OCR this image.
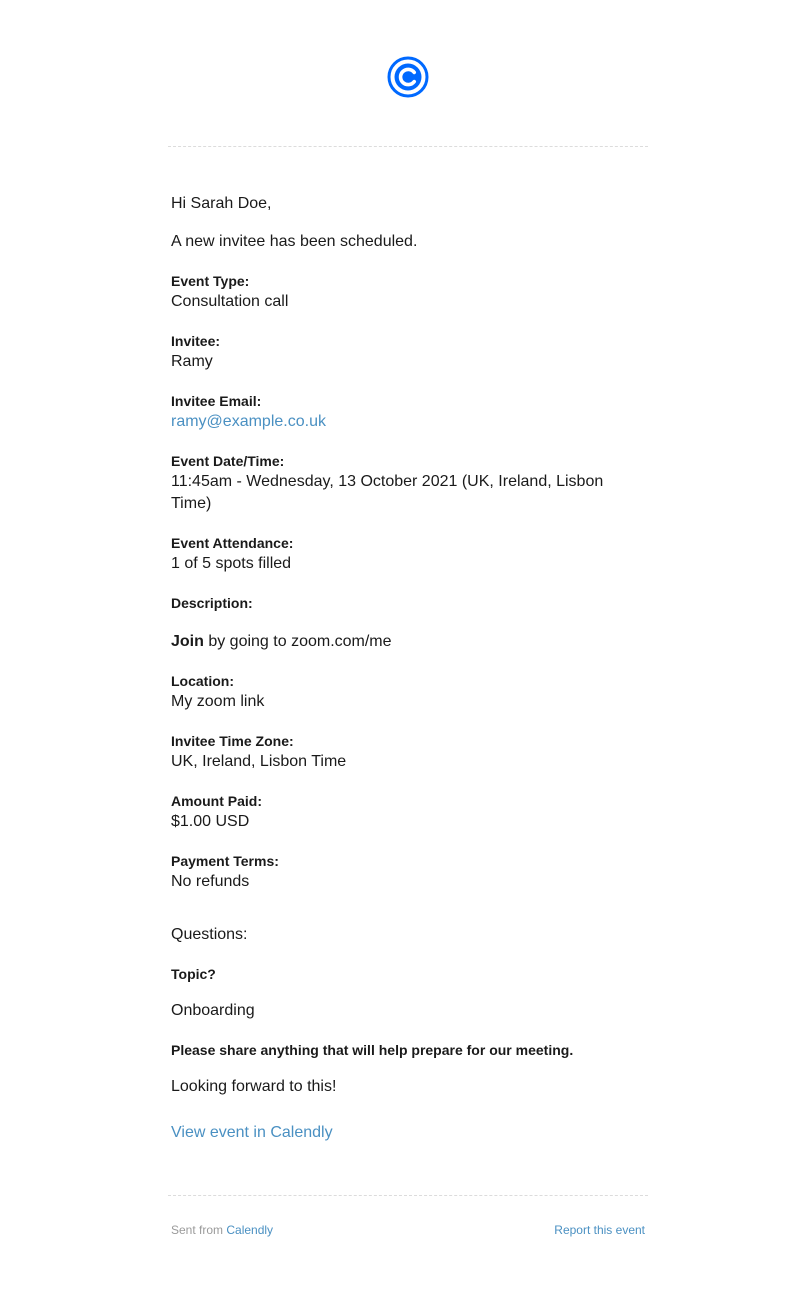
Hi Sarah Doe,

A new invitee has been scheduled.

Event Type:

Consultation call

Invitee:

Ramy

Invitee Email:

ramy@example.co.uk

Event Date/Time:

11:45am - Wednesday, 13 October 2021 (UK, Ireland, Lisbon Time)

Event Attendance:

1 of 5 spots filled

Description:

Join by going to zoom.com/me

Location:

My zoom link

Invitee Time Zone:

UK, Ireland, Lisbon Time

Amount Paid:

$1.00 USD

Payment Terms:

No refunds

Questions:

Topic?

Onboarding

Please share anything that will help prepare for our meeting.

Looking forward to this!

View event in Calendly
Sent from Calendly	Report this event
